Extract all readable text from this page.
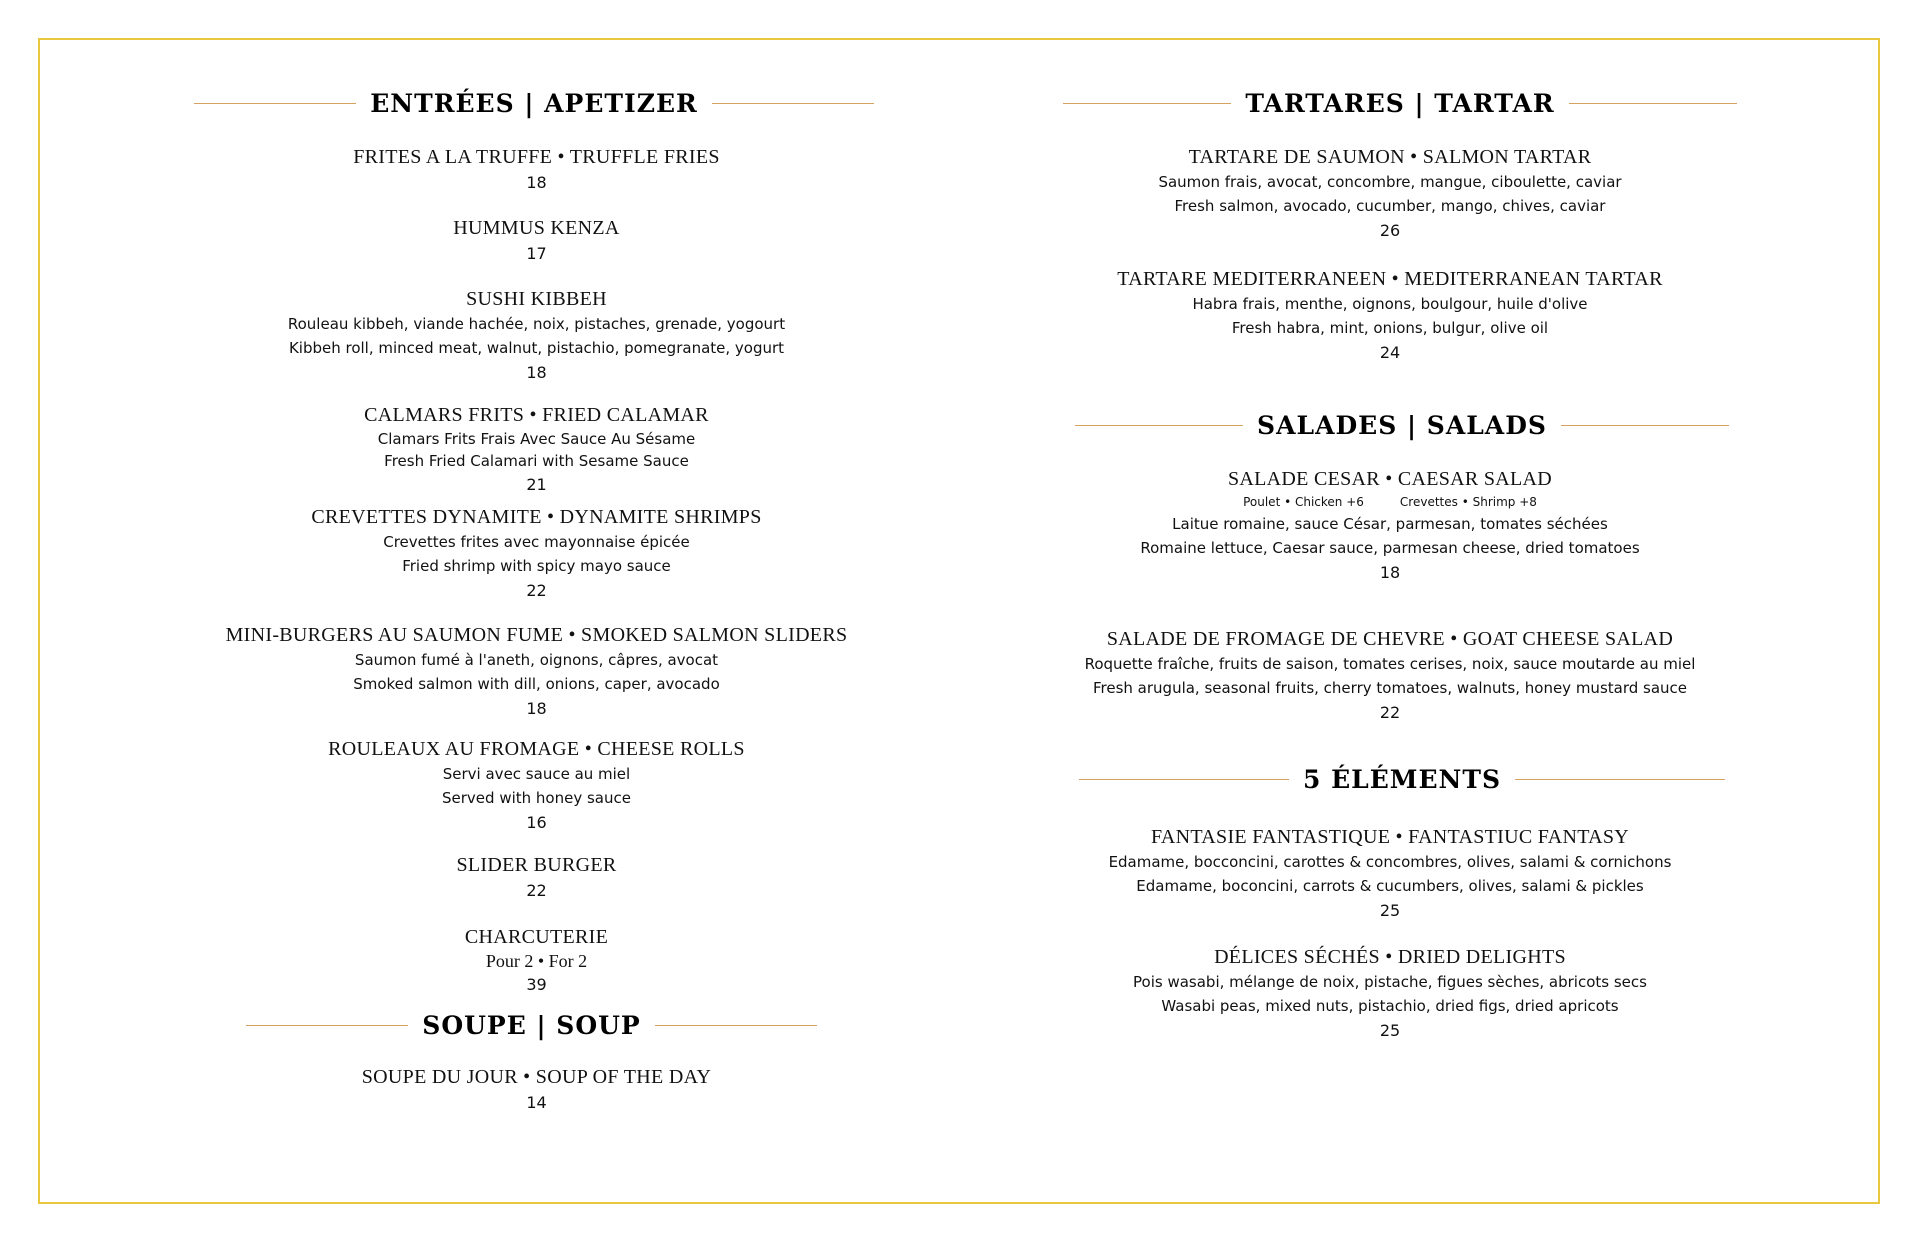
ENTRÉES | APETIZER
FRITES A LA TRUFFE • TRUFFLE FRIES
18
HUMMUS KENZA
17
SUSHI KIBBEH
Rouleau kibbeh, viande hachée, noix, pistaches, grenade, yogourt
Kibbeh roll, minced meat, walnut, pistachio, pomegranate, yogurt
18
CALMARS FRITS • FRIED CALAMAR
Clamars Frits Frais Avec Sauce Au Sésame
Fresh Fried Calamari with Sesame Sauce
21
CREVETTES DYNAMITE • DYNAMITE SHRIMPS
Crevettes frites avec mayonnaise épicée
Fried shrimp with spicy mayo sauce
22
MINI-BURGERS AU SAUMON FUME • SMOKED SALMON SLIDERS
Saumon fumé à l'aneth, oignons, câpres, avocat
Smoked salmon with dill, onions, caper, avocado
18
ROULEAUX AU FROMAGE • CHEESE ROLLS
Servi avec sauce au miel
Served with honey sauce
16
SLIDER BURGER
22
CHARCUTERIE
Pour 2 • For 2
39
SOUPE | SOUP
SOUPE DU JOUR • SOUP OF THE DAY
14
TARTARES | TARTAR
TARTARE DE SAUMON • SALMON TARTAR
Saumon frais, avocat, concombre, mangue, ciboulette, caviar
Fresh salmon, avocado, cucumber, mango, chives, caviar
26
TARTARE MEDITERRANEEN • MEDITERRANEAN TARTAR
Habra frais, menthe, oignons, boulgour, huile d'olive
Fresh habra, mint, onions, bulgur, olive oil
24
SALADES | SALADS
SALADE CESAR • CAESAR SALAD
Poulet • Chicken +6	Crevettes • Shrimp +8
Laitue romaine, sauce César, parmesan, tomates séchées
Romaine lettuce, Caesar sauce, parmesan cheese, dried tomatoes
18
SALADE DE FROMAGE DE CHEVRE • GOAT CHEESE SALAD
Roquette fraîche, fruits de saison, tomates cerises, noix, sauce moutarde au miel
Fresh arugula, seasonal fruits, cherry tomatoes, walnuts, honey mustard sauce
22
5 ÉLÉMENTS
FANTASIE FANTASTIQUE • FANTASTIUC FANTASY
Edamame, bocconcini, carottes & concombres, olives, salami & cornichons
Edamame, boconcini, carrots & cucumbers, olives, salami & pickles
25
DÉLICES SÉCHÉS • DRIED DELIGHTS
Pois wasabi, mélange de noix, pistache, figues sèches, abricots secs
Wasabi peas, mixed nuts, pistachio, dried figs, dried apricots
25
